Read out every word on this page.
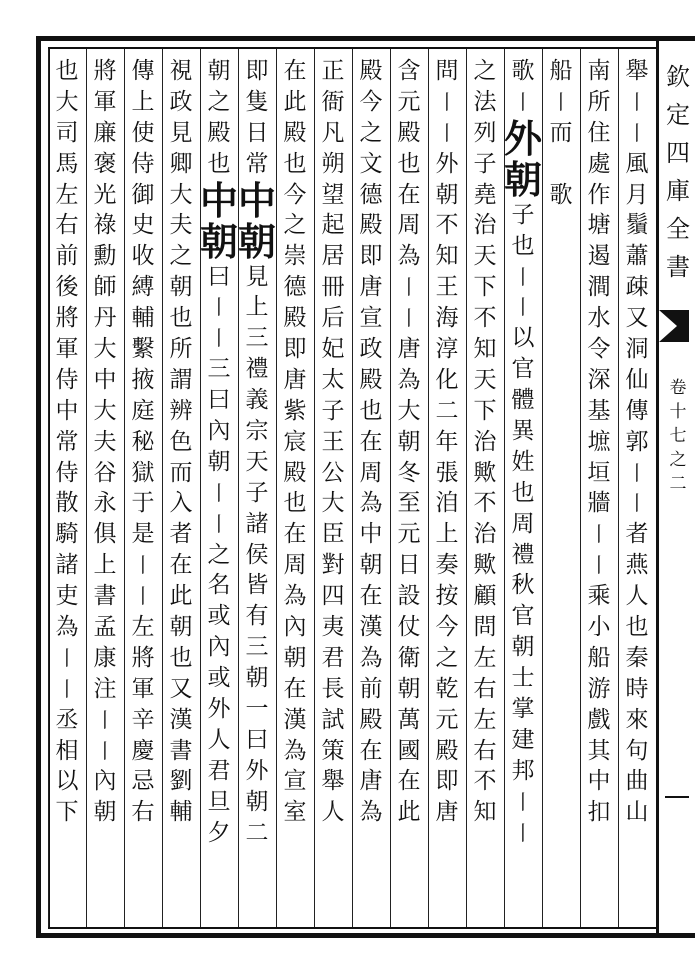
舉
丨
丨
風
月
鬚
蕭
疎
又
洞
仙
傳
郭
丨
丨
者
燕
人
也
秦
時
來
句
曲
山
南
所
住
處
作
塘
遏
澗
水
令
深
基
墌
垣
牆
丨
丨
乘
小
船
游
戲
其
中
扣
船
丨
而
歌
歌
丨
外
朝
子
也
丨
丨
以
官
體
異
姓
也
周
禮
秋
官
朝
士
掌
建
邦
丨
丨
之
法
列
子
堯
治
天
下
不
知
天
下
治
歟
不
治
歟
顧
問
左
右
左
右
不
知
問
丨
丨
外
朝
不
知
王
海
淳
化
二
年
張
洎
上
奏
按
今
之
乾
元
殿
即
唐
含
元
殿
也
在
周
為
丨
丨
唐
為
大
朝
冬
至
元
日
設
仗
衛
朝
萬
國
在
此
殿
今
之
文
德
殿
即
唐
宣
政
殿
也
在
周
為
中
朝
在
漢
為
前
殿
在
唐
為
正
衙
凡
朔
望
起
居
冊
后
妃
太
子
王
公
大
臣
對
四
夷
君
長
試
策
舉
人
在
此
殿
也
今
之
崇
德
殿
即
唐
紫
宸
殿
也
在
周
為
內
朝
在
漢
為
宣
室
即
隻
日
常
中
朝
見
上
三
禮
義
宗
天
子
諸
侯
皆
有
三
朝
一
曰
外
朝
二
朝
之
殿
也
中
朝
曰
丨
丨
三
曰
內
朝
丨
丨
之
名
或
內
或
外
人
君
旦
夕
視
政
見
卿
大
夫
之
朝
也
所
謂
辨
色
而
入
者
在
此
朝
也
又
漢
書
劉
輔
傳
上
使
侍
御
史
收
縛
輔
繫
掖
庭
秘
獄
于
是
丨
丨
左
將
軍
辛
慶
忌
右
將
軍
廉
褒
光
祿
勳
師
丹
大
中
大
夫
谷
永
俱
上
書
孟
康
注
丨
丨
內
朝
也
大
司
馬
左
右
前
後
將
軍
侍
中
常
侍
散
騎
諸
吏
為
丨
丨
丞
相
以
下
欽
定
四
庫
全
書
卷
十
七
之
二
